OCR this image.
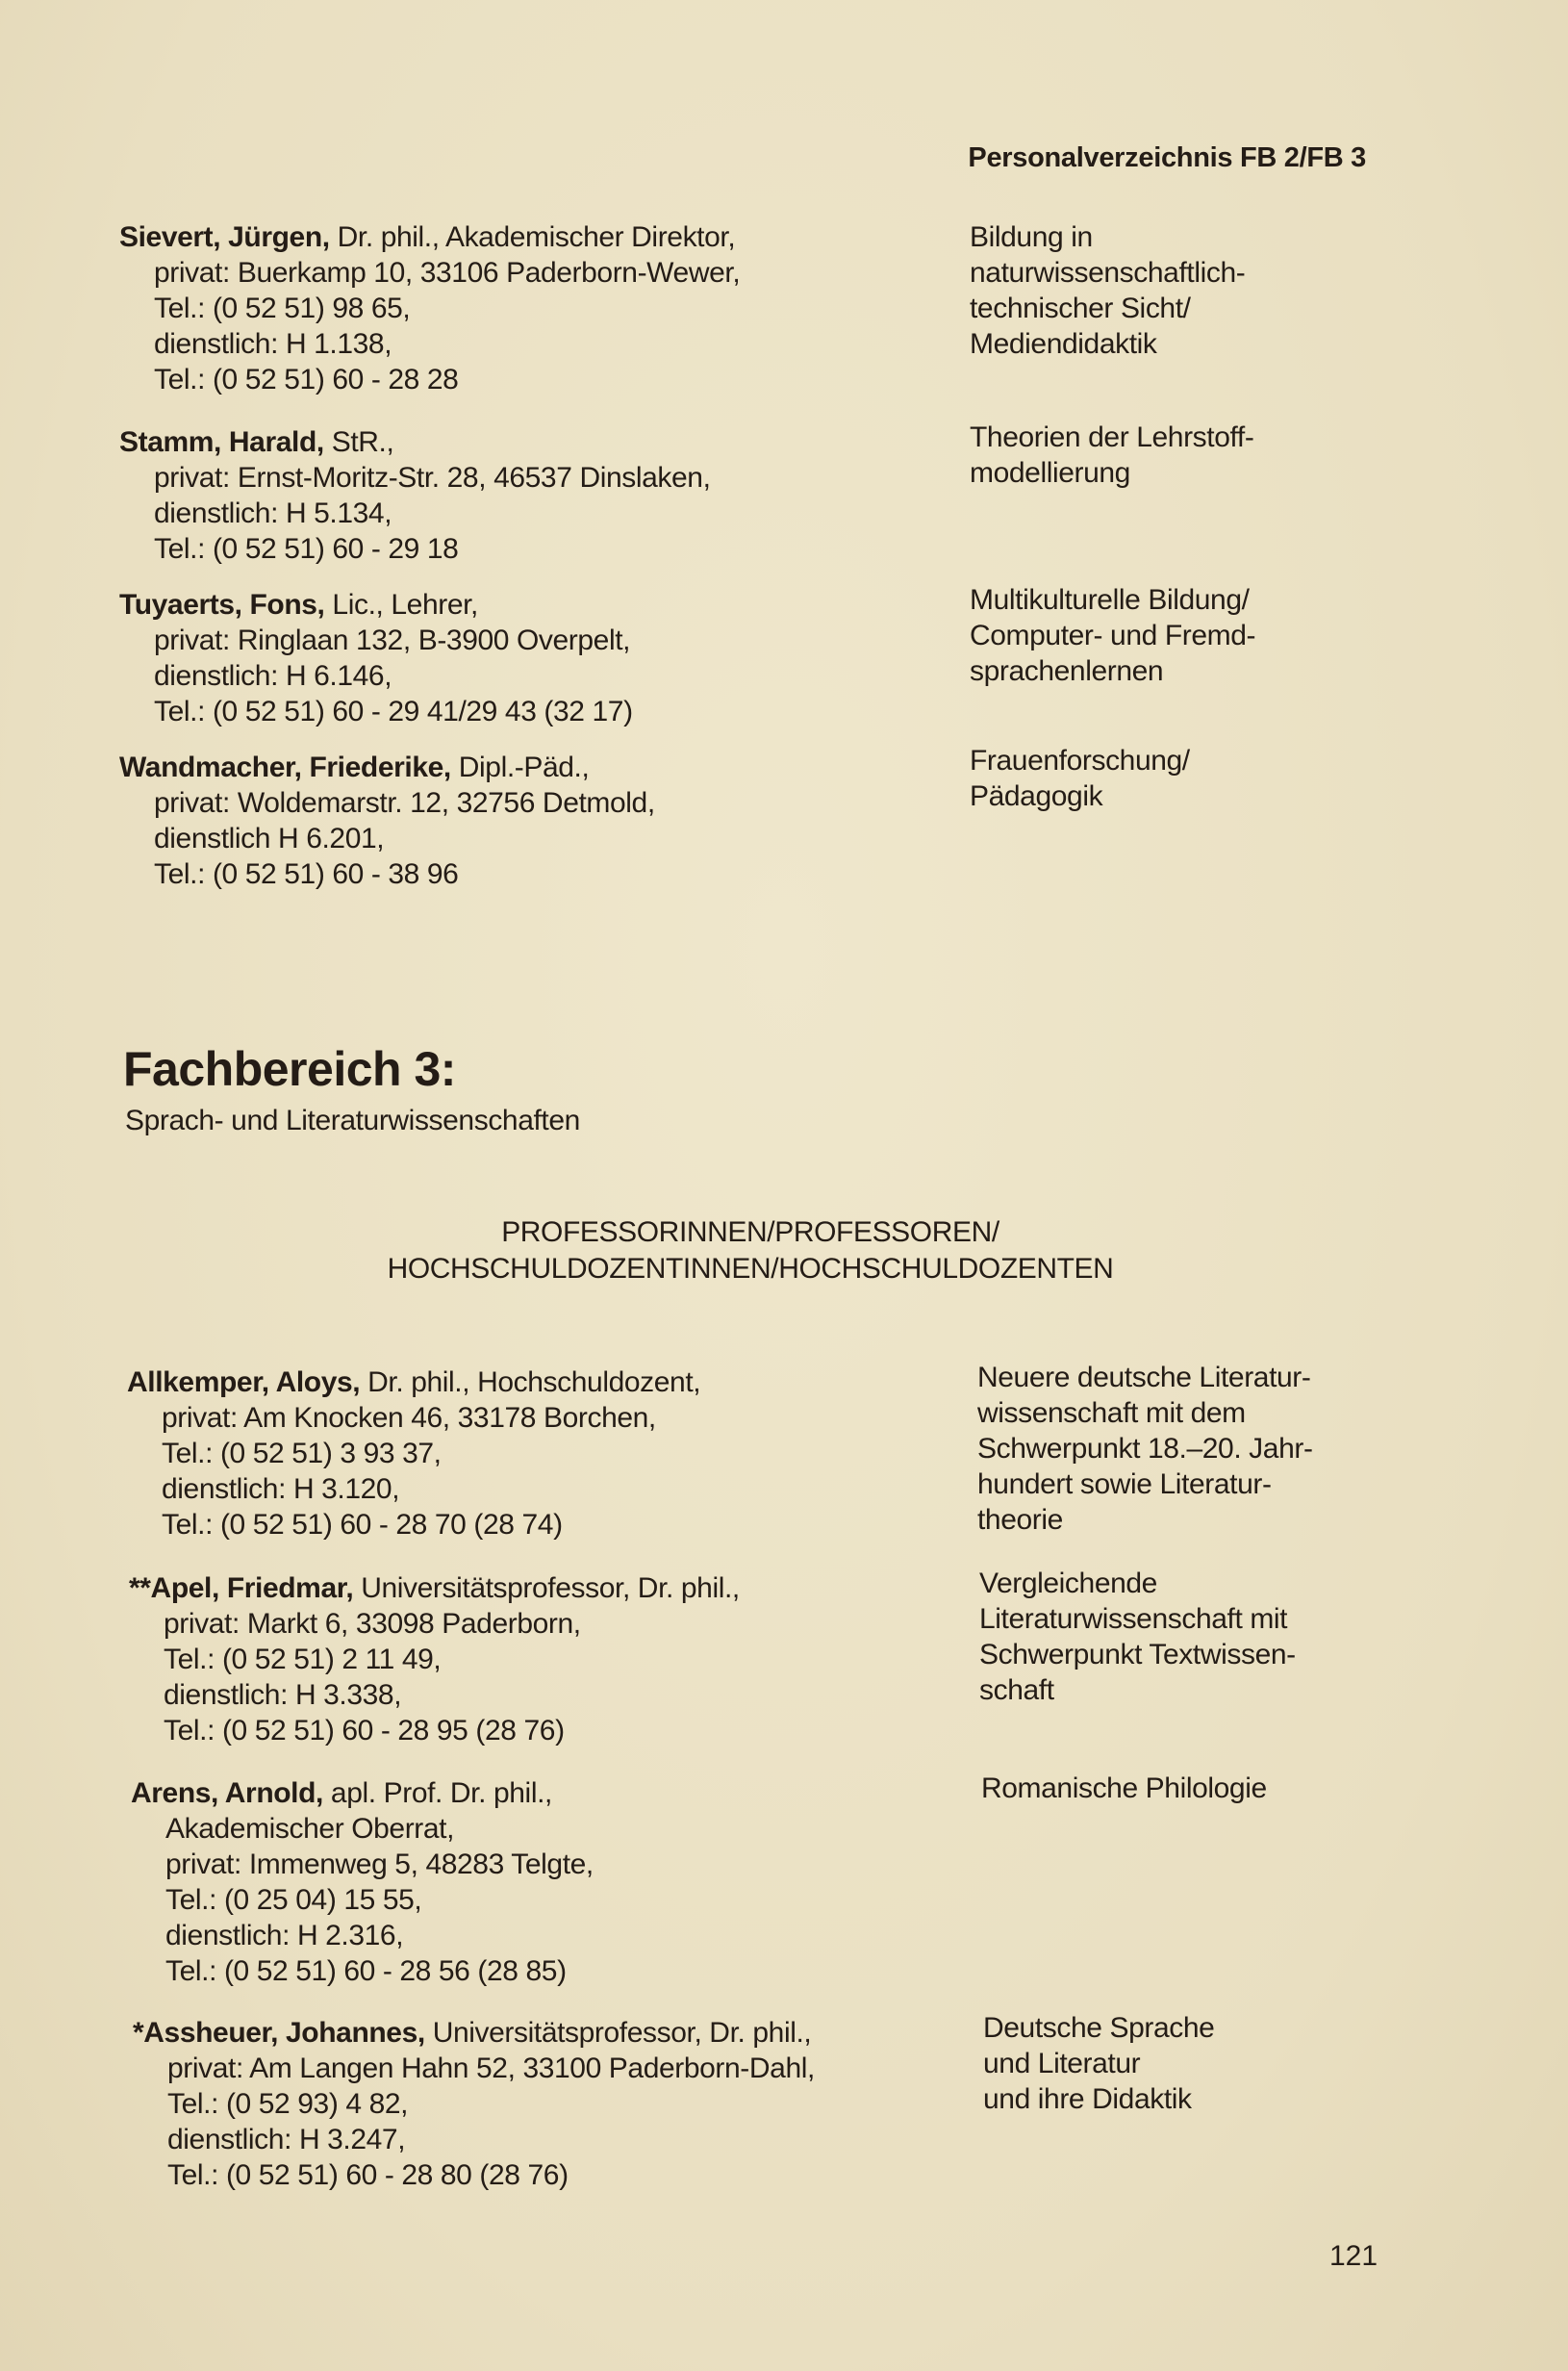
Personalverzeichnis FB 2/FB 3
Sievert, Jürgen, Dr. phil., Akademischer Direktor,
privat: Buerkamp 10, 33106 Paderborn-Wewer,
Tel.: (0 52 51) 98 65,
dienstlich: H 1.138,
Tel.: (0 52 51) 60 - 28 28
Bildung in
naturwissenschaftlich-
technischer Sicht/
Mediendidaktik
Stamm, Harald, StR.,
privat: Ernst-Moritz-Str. 28, 46537 Dinslaken,
dienstlich: H 5.134,
Tel.: (0 52 51) 60 - 29 18
Theorien der Lehrstoff-
modellierung
Tuyaerts, Fons, Lic., Lehrer,
privat: Ringlaan 132, B-3900 Overpelt,
dienstlich: H 6.146,
Tel.: (0 52 51) 60 - 29 41/29 43 (32 17)
Multikulturelle Bildung/
Computer- und Fremd-
sprachenlernen
Wandmacher, Friederike, Dipl.-Päd.,
privat: Woldemarstr. 12, 32756 Detmold,
dienstlich H 6.201,
Tel.: (0 52 51) 60 - 38 96
Frauenforschung/
Pädagogik
Fachbereich 3:
Sprach- und Literaturwissenschaften
PROFESSORINNEN/PROFESSOREN/
HOCHSCHULDOZENTINNEN/HOCHSCHULDOZENTEN
Allkemper, Aloys, Dr. phil., Hochschuldozent,
privat: Am Knocken 46, 33178 Borchen,
Tel.: (0 52 51) 3 93 37,
dienstlich: H 3.120,
Tel.: (0 52 51) 60 - 28 70 (28 74)
Neuere deutsche Literatur-
wissenschaft mit dem
Schwerpunkt 18.–20. Jahr-
hundert sowie Literatur-
theorie
**Apel, Friedmar, Universitätsprofessor, Dr. phil.,
privat: Markt 6, 33098 Paderborn,
Tel.: (0 52 51) 2 11 49,
dienstlich: H 3.338,
Tel.: (0 52 51) 60 - 28 95 (28 76)
Vergleichende
Literaturwissenschaft mit
Schwerpunkt Textwissen-
schaft
Arens, Arnold, apl. Prof. Dr. phil.,
Akademischer Oberrat,
privat: Immenweg 5, 48283 Telgte,
Tel.: (0 25 04) 15 55,
dienstlich: H 2.316,
Tel.: (0 52 51) 60 - 28 56 (28 85)
Romanische Philologie
*Assheuer, Johannes, Universitätsprofessor, Dr. phil.,
privat: Am Langen Hahn 52, 33100 Paderborn-Dahl,
Tel.: (0 52 93) 4 82,
dienstlich: H 3.247,
Tel.: (0 52 51) 60 - 28 80 (28 76)
Deutsche Sprache
und Literatur
und ihre Didaktik
121
